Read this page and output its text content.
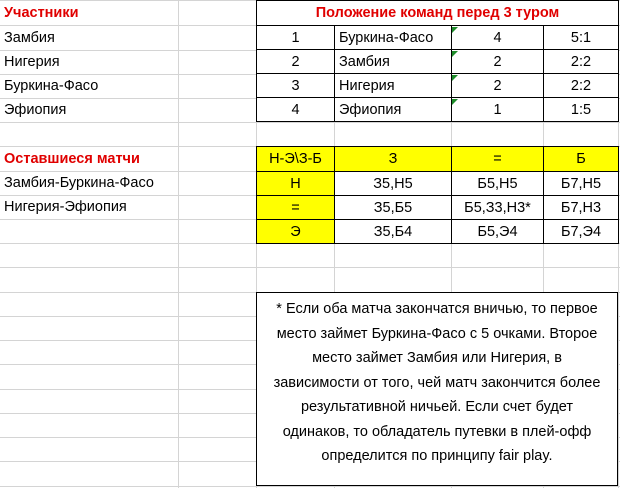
Участники
Замбия
Нигерия
Буркина-Фасо
Эфиопия
Положение команд перед 3 туром
1	Буркина-Фасо	4	5:1
2	Замбия	2	2:2
3	Нигерия	2	2:2
4	Эфиопия	1	1:5
Оставшиеся матчи
Замбия-Буркина-Фасо
Нигерия-Эфиопия
Н-Э\З-Б	З	=	Б
Н	З5,Н5	Б5,Н5	Б7,Н5
=	З5,Б5	Б5,З3,Н3*	Б7,Н3
Э	З5,Б4	Б5,Э4	Б7,Э4
* Если оба матча закончатся вничью, то первое место займет Буркина-Фасо с 5 очками. Второе место займет Замбия или Нигерия, в зависимости от того, чей матч закончится более результативной ничьей. Если счет будет одинаков, то обладатель путевки в плей-офф определится по принципу fair play.
